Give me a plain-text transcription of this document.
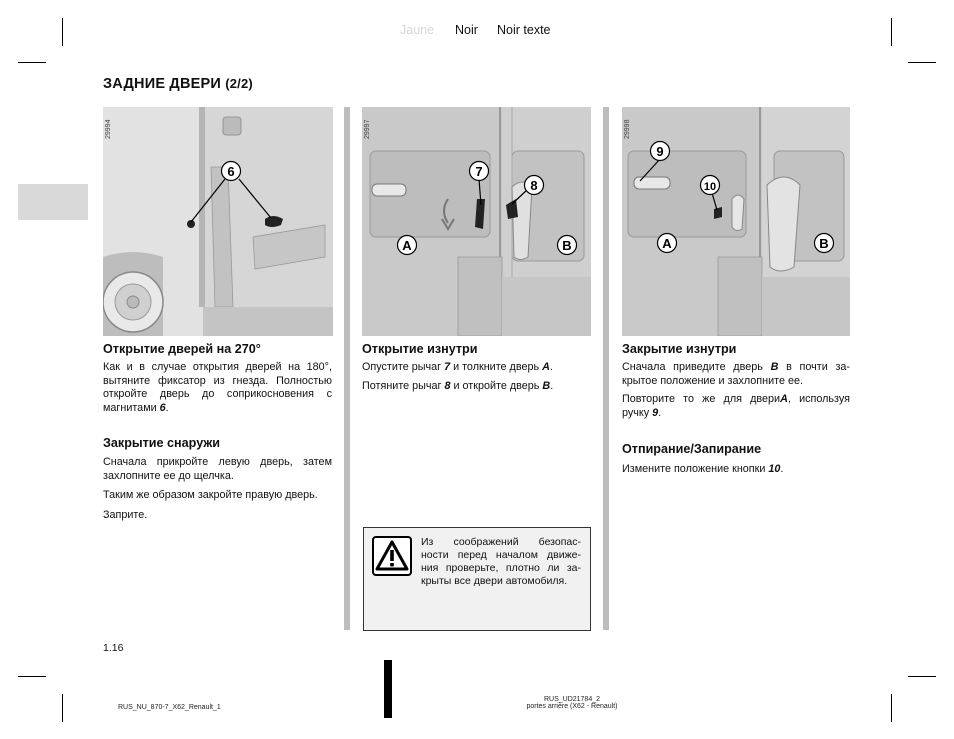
Jaune Noir Noir texte
ЗАДНИЕ ДВЕРИ (2/2)
6
29994
7
8
A	B
29997
9
10
A	B
29998
Открытие дверей на 270°
Как и в случае открытия дверей на 180°,
вытяните фиксатор из гнезда. Полностью
откройте дверь до соприкосновения с
магнитами 6.
Закрытие снаружи
Сначала прикройте левую дверь, затем
захлопните ее до щелчка.
Таким же образом закройте правую дверь.
Заприте.
Открытие изнутри
Опустите рычаг 7 и толкните дверь A.
Потяните рычаг 8 и откройте дверь B.
Из соображений безопас-
ности перед началом движе-
ния проверьте, плотно ли за-
крыты все двери автомобиля.
Закрытие изнутри
Сначала приведите дверь B в почти за-
крытое положение и захлопните ее.
Повторите то же для двериA, используя
ручку 9.
Отпирание/Запирание
Измените положение кнопки 10.
1.16
RUS_NU_870-7_X62_Renault_1
RUS_UD21784_2
portes arrière (X62 - Renault)
